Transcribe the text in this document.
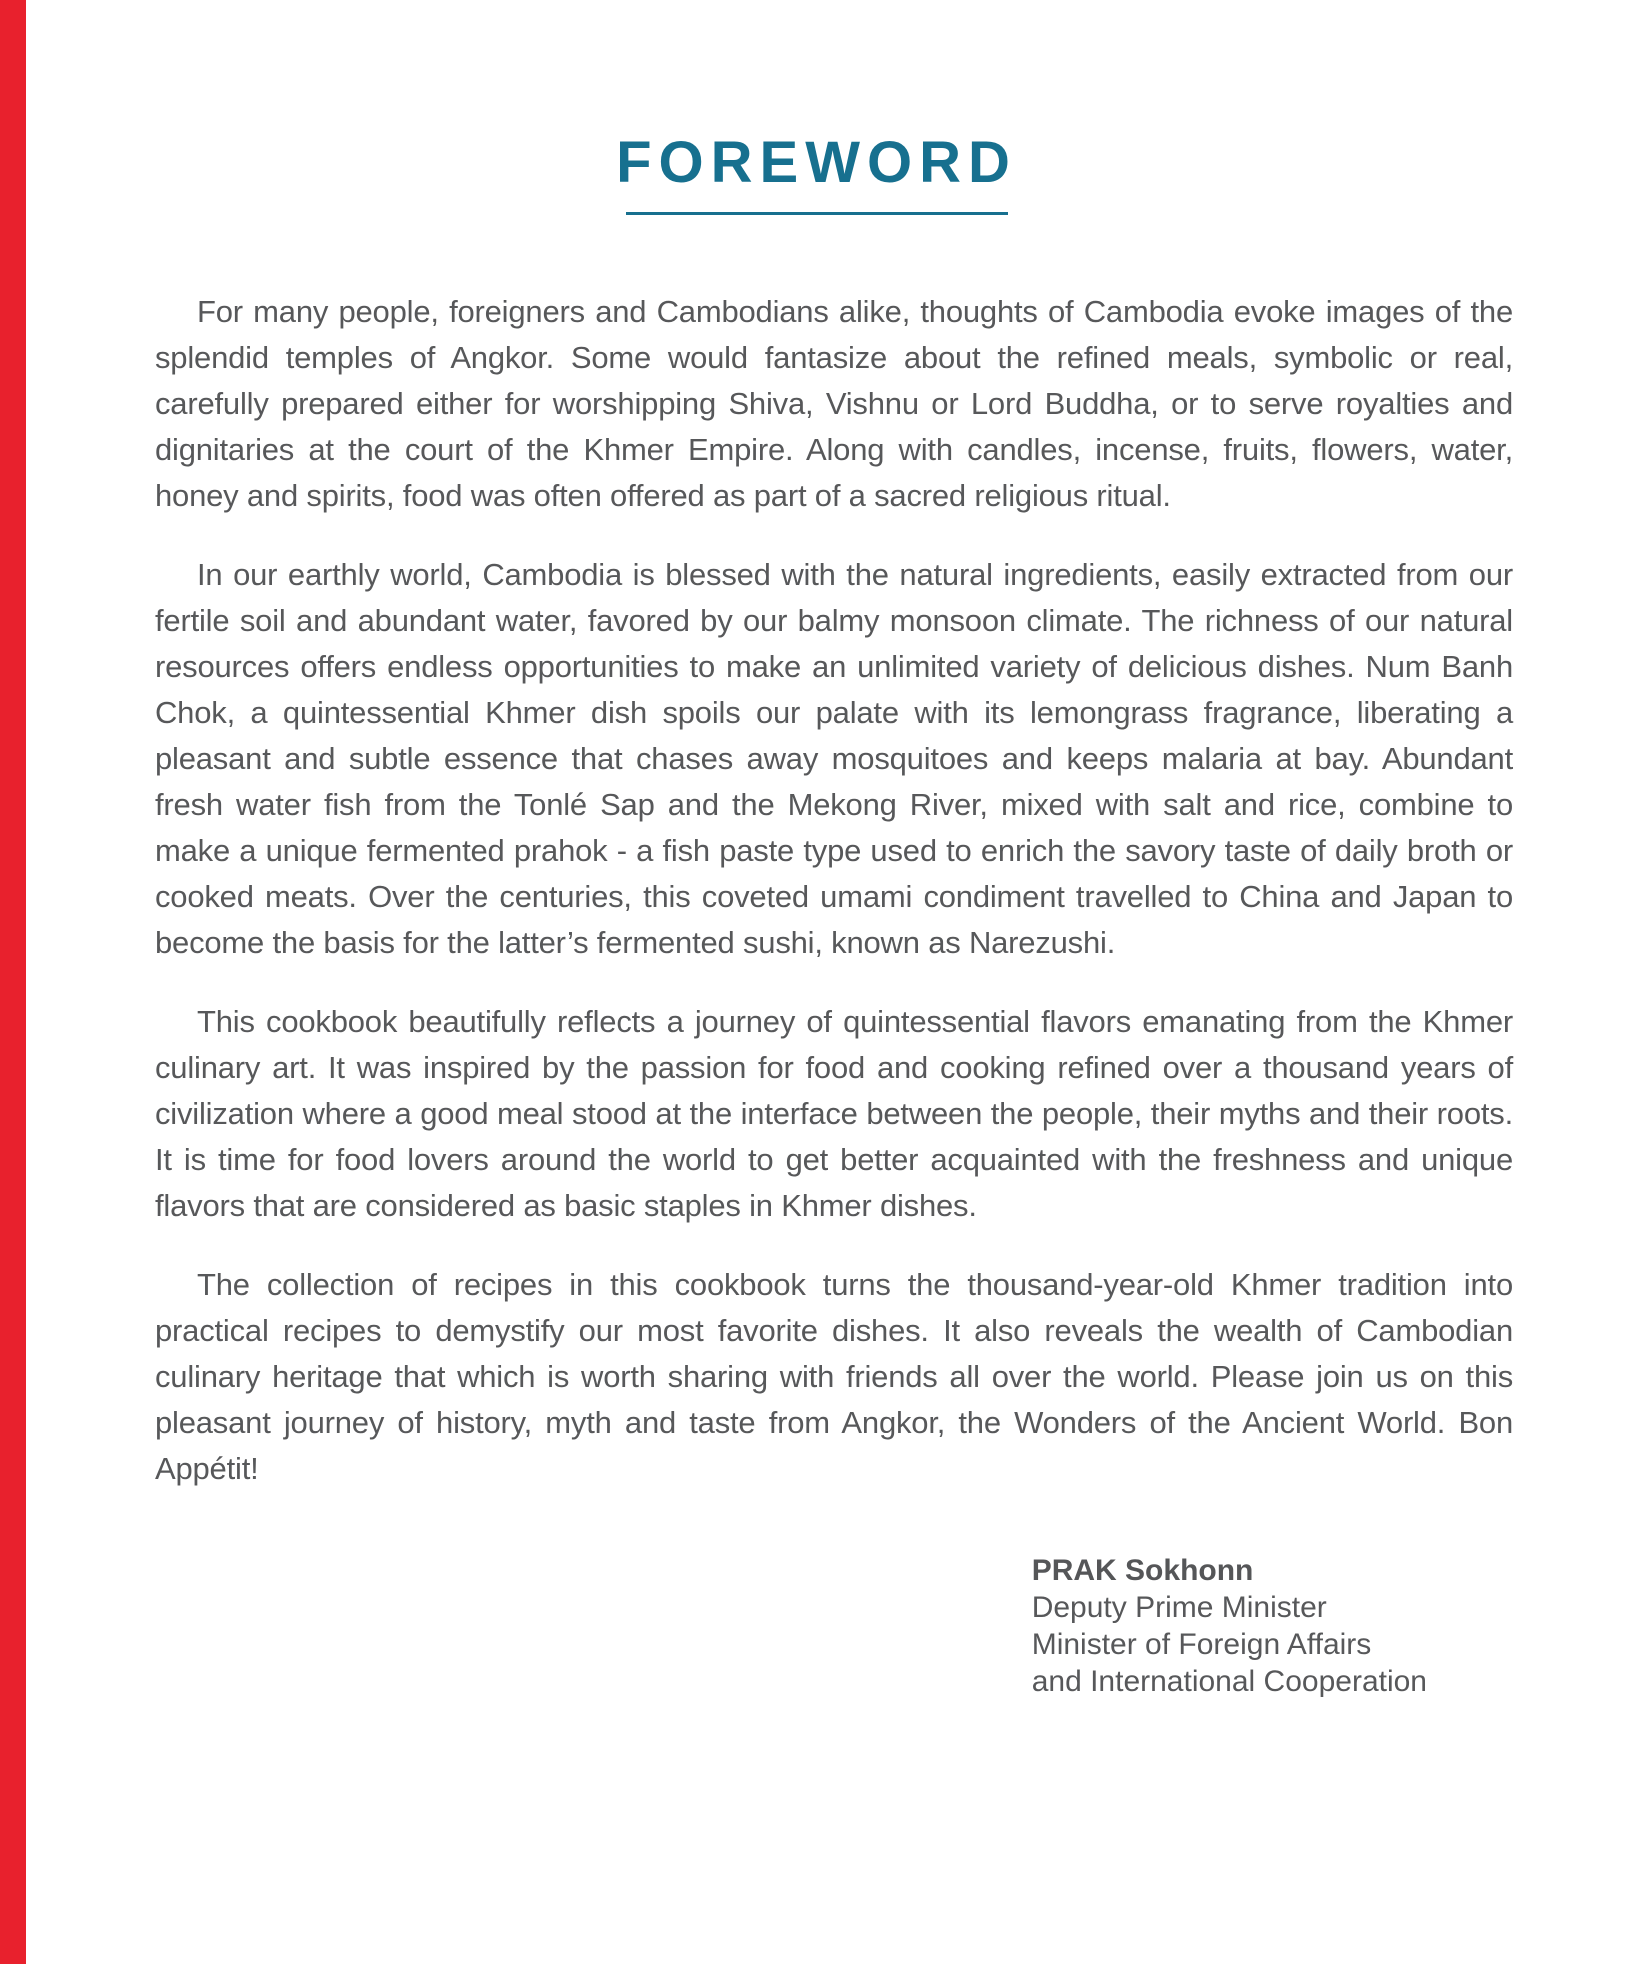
FOREWORD

For many people, foreigners and Cambodians alike, thoughts of Cambodia evoke images of the splendid temples of Angkor. Some would fantasize about the refined meals, symbolic or real, carefully prepared either for worshipping Shiva, Vishnu or Lord Buddha, or to serve royalties and dignitaries at the court of the Khmer Empire. Along with candles, incense, fruits, flowers, water, honey and spirits, food was often offered as part of a sacred religious ritual.

In our earthly world, Cambodia is blessed with the natural ingredients, easily extracted from our fertile soil and abundant water, favored by our balmy monsoon climate. The richness of our natural resources offers endless opportunities to make an unlimited variety of delicious dishes. Num Banh Chok, a quintessential Khmer dish spoils our palate with its lemongrass fragrance, liberating a pleasant and subtle essence that chases away mosquitoes and keeps malaria at bay. Abundant fresh water fish from the Tonlé Sap and the Mekong River, mixed with salt and rice, combine to make a unique fermented prahok - a fish paste type used to enrich the savory taste of daily broth or cooked meats. Over the centuries, this coveted umami condiment travelled to China and Japan to become the basis for the latter’s fermented sushi, known as Narezushi.

This cookbook beautifully reflects a journey of quintessential flavors emanating from the Khmer culinary art. It was inspired by the passion for food and cooking refined over a thousand years of civilization where a good meal stood at the interface between the people, their myths and their roots. It is time for food lovers around the world to get better acquainted with the freshness and unique flavors that are considered as basic staples in Khmer dishes.

The collection of recipes in this cookbook turns the thousand-year-old Khmer tradition into practical recipes to demystify our most favorite dishes. It also reveals the wealth of Cambodian culinary heritage that which is worth sharing with friends all over the world. Please join us on this pleasant journey of history, myth and taste from Angkor, the Wonders of the Ancient World. Bon Appétit!

PRAK Sokhonn
Deputy Prime Minister
Minister of Foreign Affairs
and International Cooperation
